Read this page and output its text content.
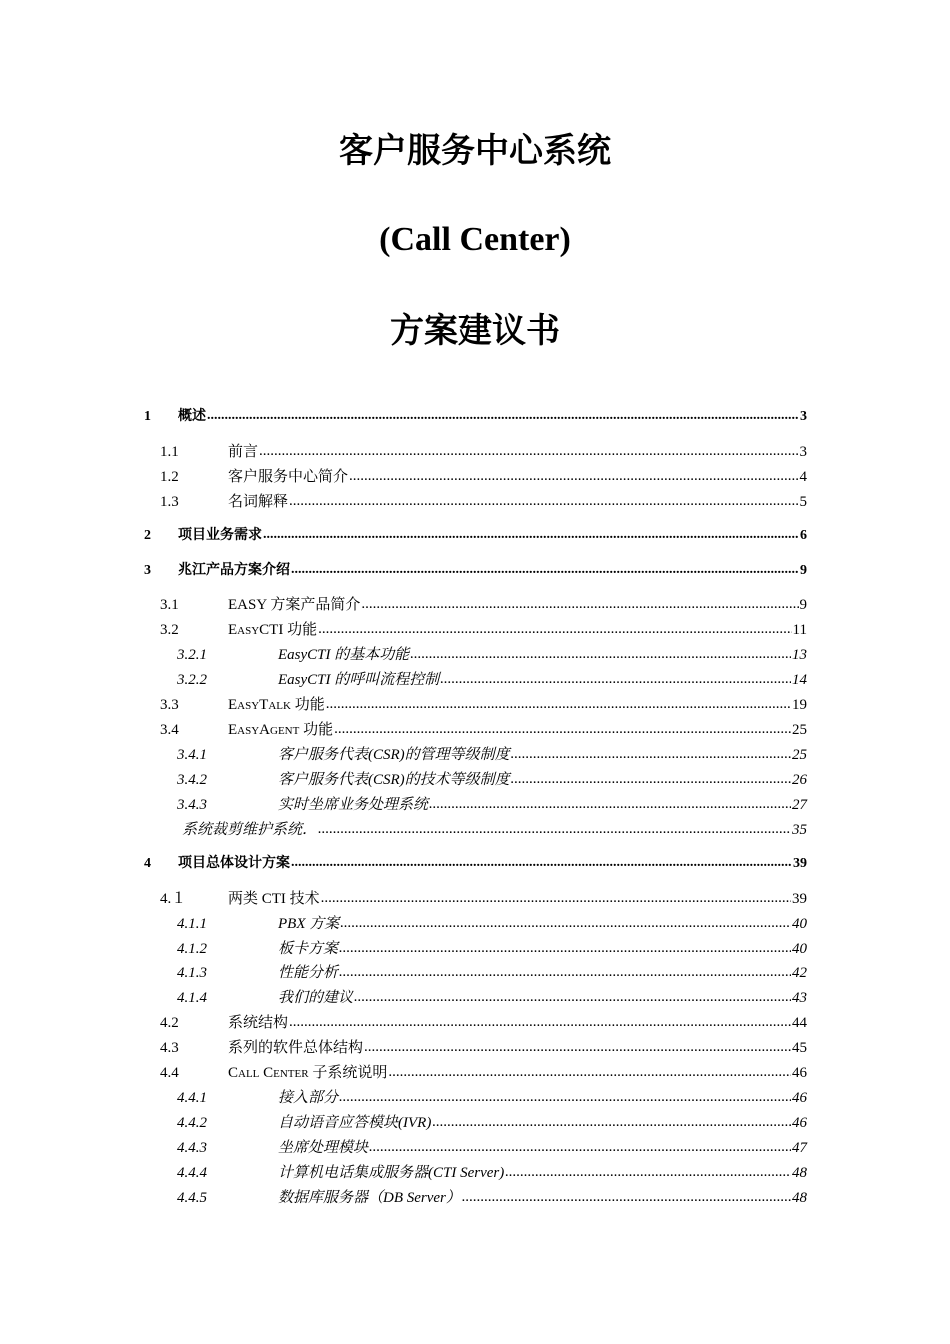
客户服务中心系统
(Call Center)
方案建议书
1	概述 .....	3
1.1	前言 .....	3
1.2	客户服务中心简介 .....	4
1.3	名词解释 .....	5
2	项目业务需求 .....	6
3	兆江产品方案介绍 .....	9
3.1	EASY 方案产品简介 .....	9
3.2	EasyCTI 功能 .....	11
3.2.1	EasyCTI 的基本功能 .....	13
3.2.2	EasyCTI 的呼叫流程控制 .....	14
3.3	EasyTalk 功能 .....	19
3.4	EasyAgent 功能 .....	25
3.4.1	客户服务代表(CSR)的管理等级制度 .....	25
3.4.2	客户服务代表(CSR)的技术等级制度 .....	26
3.4.3	实时坐席业务处理系统 .....	27
系统裁剪维护系统． .....	35
4	项目总体设计方案 .....	39
4.１	两类 CTI 技术 .....	39
4.1.1	PBX 方案 .....	40
4.1.2	板卡方案 .....	40
4.1.3	性能分析 .....	42
4.1.4	我们的建议 .....	43
4.2	系统结构 .....	44
4.3	系列的软件总体结构 .....	45
4.4	Call Center 子系统说明 .....	46
4.4.1	接入部分 .....	46
4.4.2	自动语音应答模块(IVR) .....	46
4.4.3	坐席处理模块 .....	47
4.4.4	计算机电话集成服务器(CTI Server) .....	48
4.4.5	数据库服务器（DB Server） .....	48
